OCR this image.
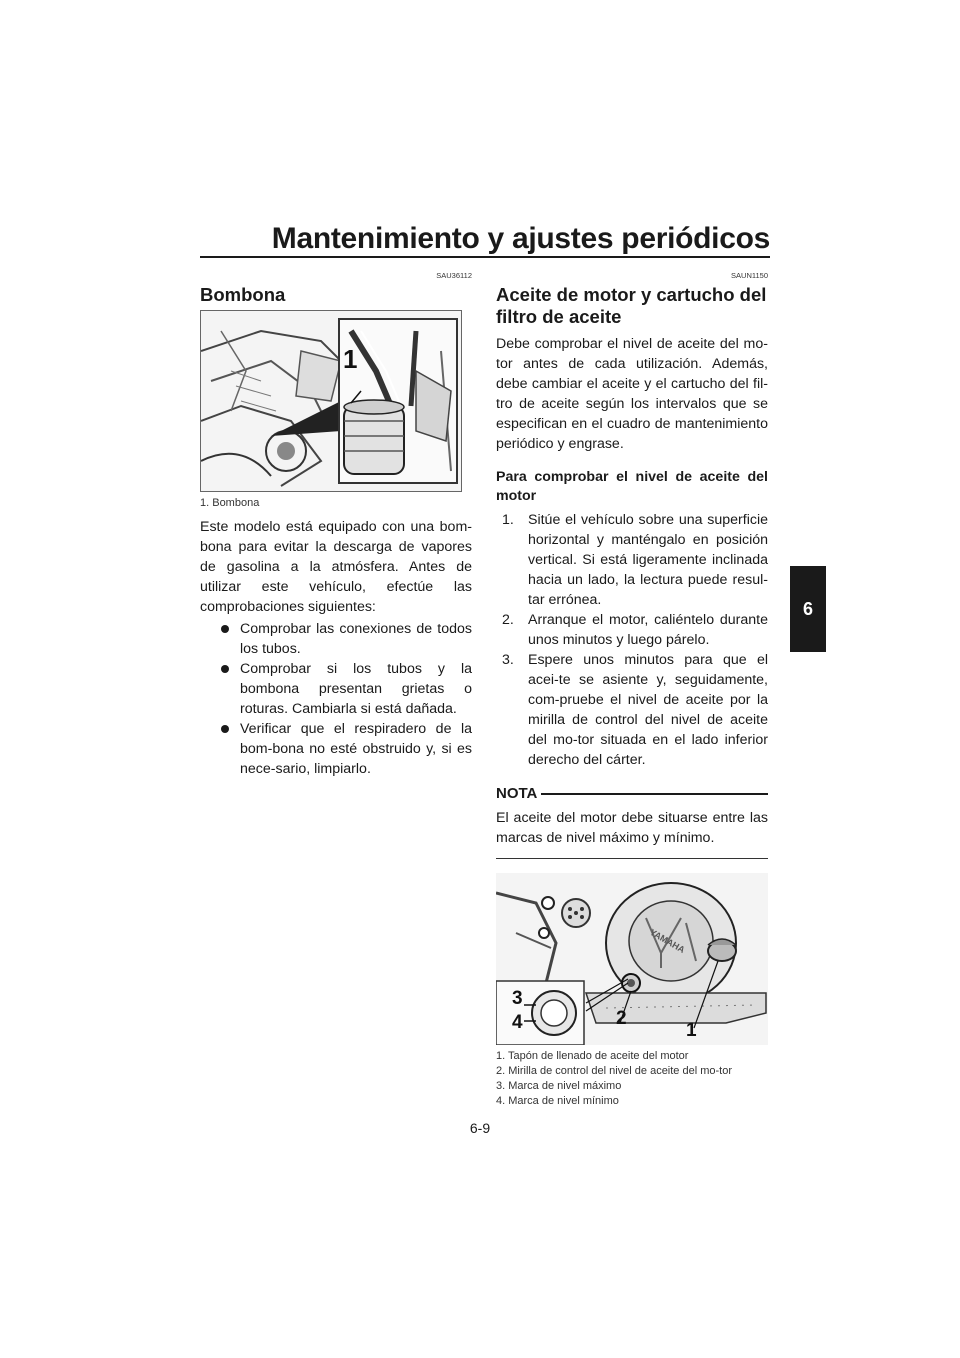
Mantenimiento y ajustes periódicos
6
SAU36112
Bombona
1
1. Bombona

Este modelo está equipado con una bom-bona para evitar la descarga de vapores de gasolina a la atmósfera. Antes de utilizar este vehículo, efectúe las comprobaciones siguientes:

Comprobar las conexiones de todos los tubos.
Comprobar si los tubos y la bombona presentan grietas o roturas. Cambiarla si está dañada.
Verificar que el respiradero de la bom-bona no esté obstruido y, si es nece-sario, limpiarlo.
SAUN1150
Aceite de motor y cartucho del filtro de aceite

Debe comprobar el nivel de aceite del mo-tor antes de cada utilización. Además, debe cambiar el aceite y el cartucho del fil-tro de aceite según los intervalos que se especifican en el cuadro de mantenimiento periódico y engrase.

Para comprobar el nivel de aceite del motor
1. Sitúe el vehículo sobre una superficie horizontal y manténgalo en posición vertical. Si está ligeramente inclinada hacia un lado, la lectura puede resul-tar errónea.
2. Arranque el motor, caliéntelo durante unos minutos y luego párelo.
3. Espere unos minutos para que el acei-te se asiente y, seguidamente, com-pruebe el nivel de aceite por la mirilla de control del nivel de aceite del mo-tor situada en el lado inferior derecho del cárter.
NOTA

El aceite del motor debe situarse entre las marcas de nivel máximo y mínimo.

1
2
3
4
YAMAHA
1. Tapón de llenado de aceite del motor
2. Mirilla de control del nivel de aceite del mo-tor
3. Marca de nivel máximo
4. Marca de nivel mínimo
6-9
